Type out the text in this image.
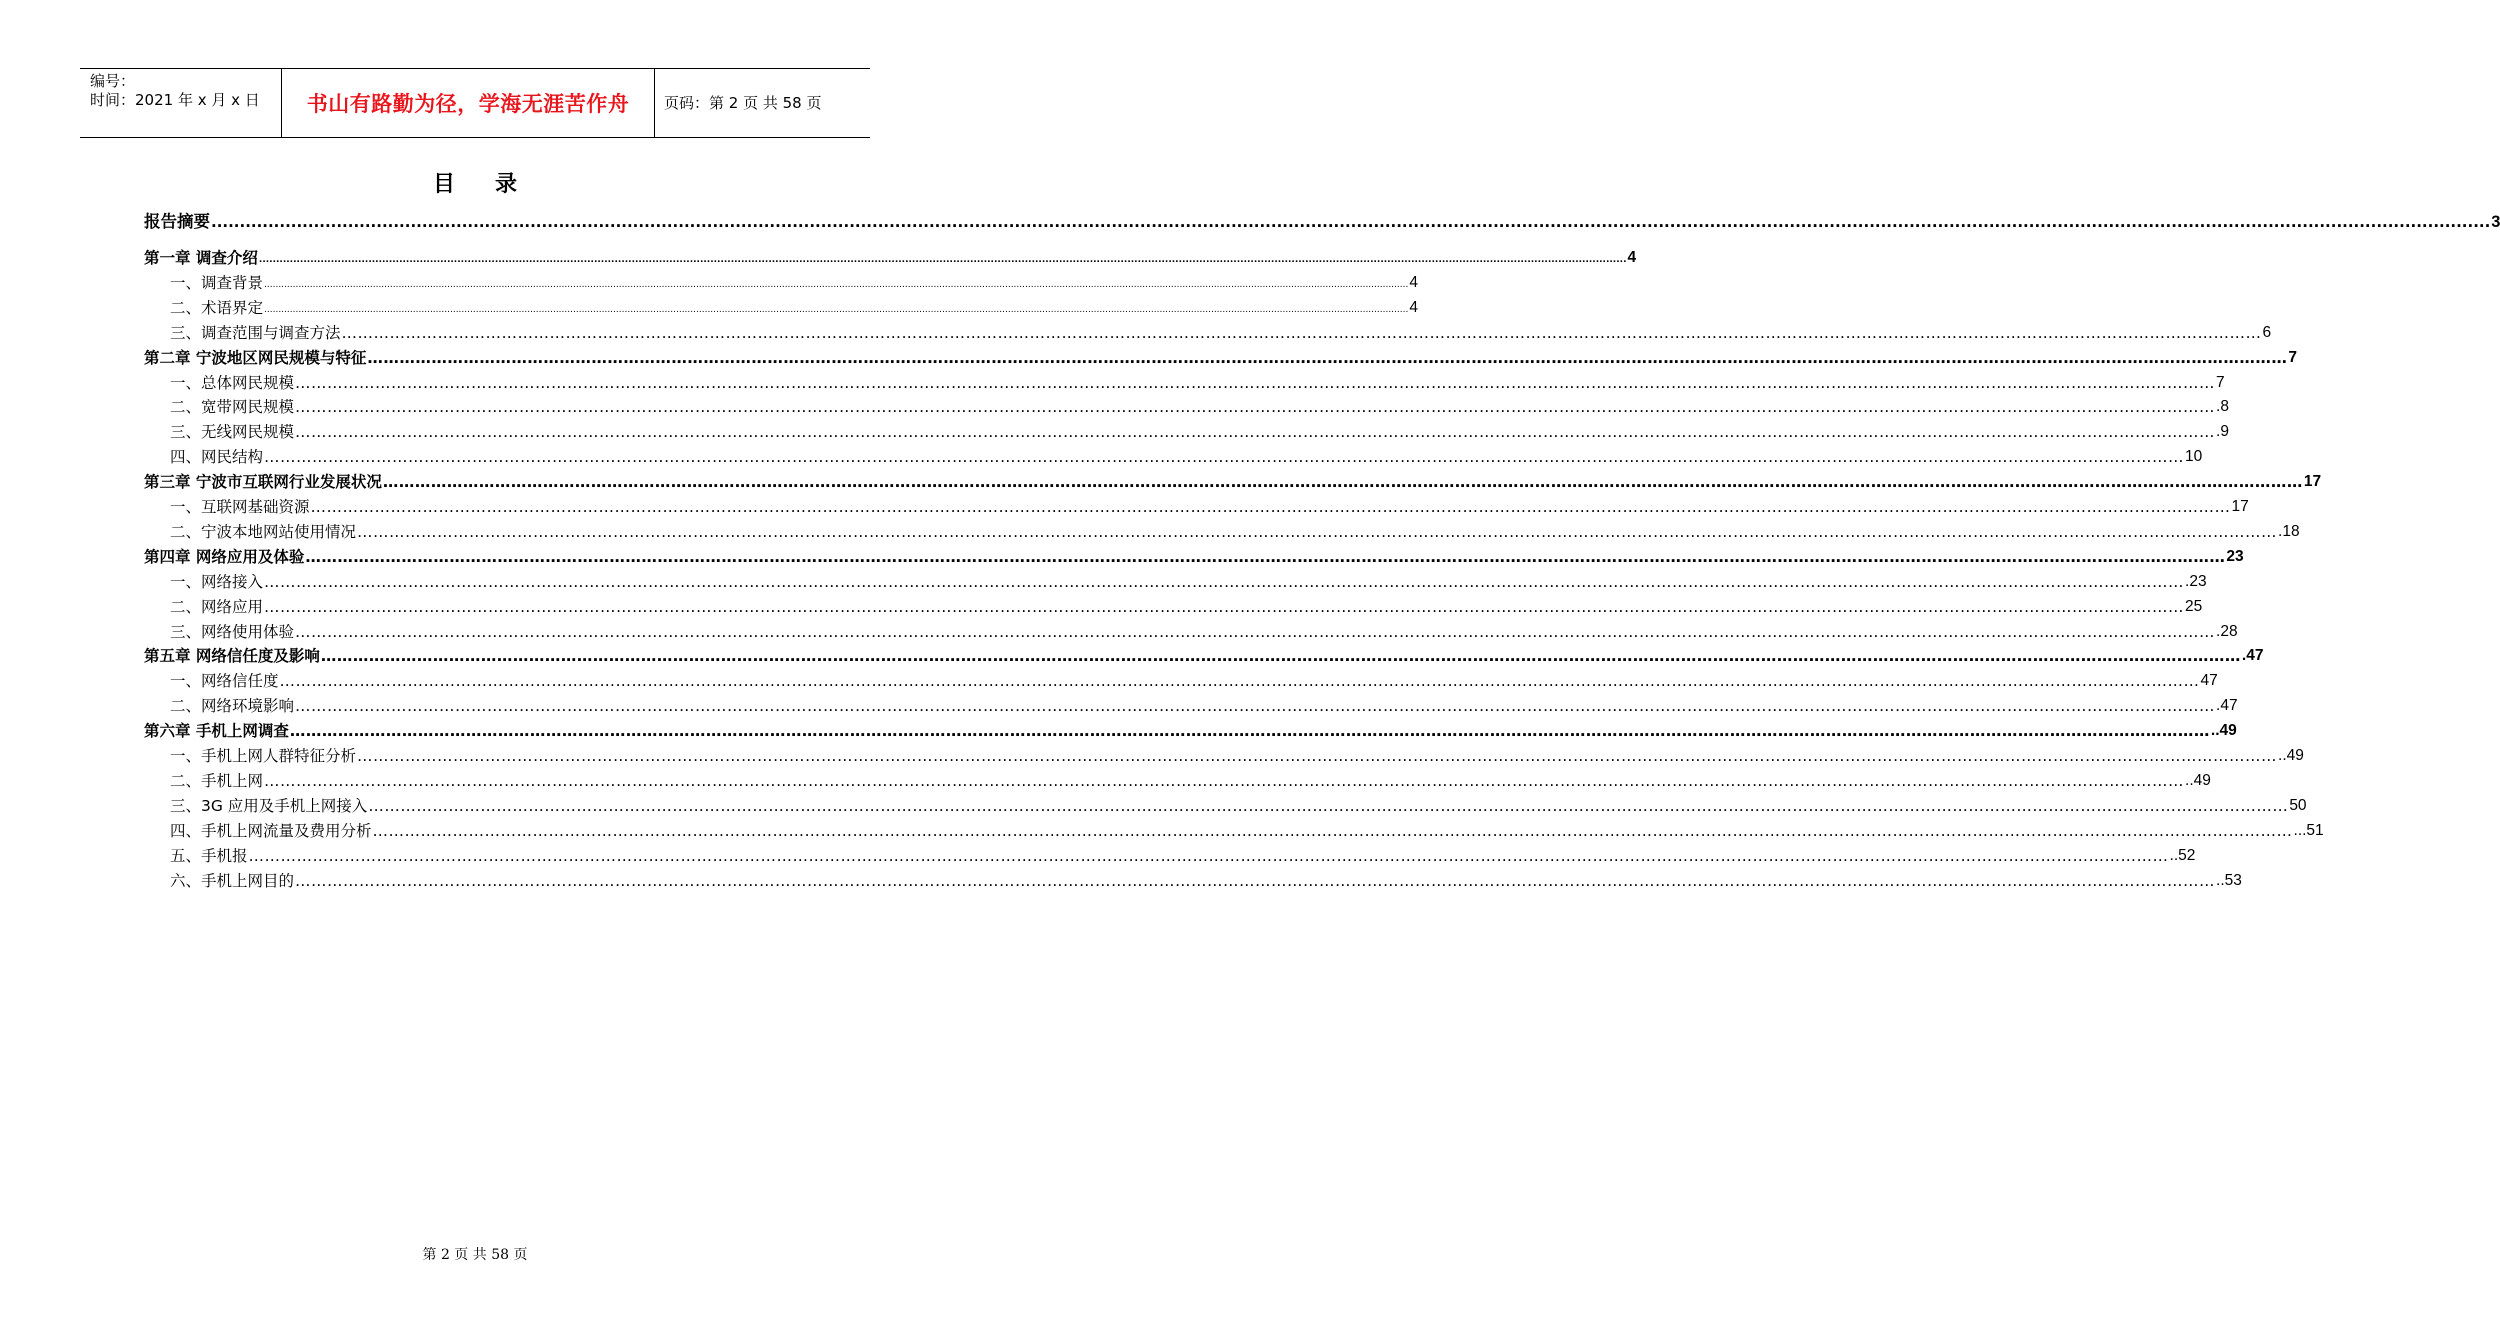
编号：
时间：2021 年 x 月 x 日	书山有路勤为径，学海无涯苦作舟	页码：第 2 页 共 58 页
目录
报告摘要 ................................................................................................................................................................................................................................................................................................................................................................................................................ 3
第一章 调查介绍 ................................................................................................................................................................................................................................................................................................................................................................................................................ 4
一、调查背景 ................................................................................................................................................................................................................................................................................................................................................................................................................ 4
二、术语界定 ................................................................................................................................................................................................................................................................................................................................................................................................................ 4
三、调查范围与调查方法 ……………………………………………………………………………………………………………………………………………………………………………………………………………………………………………………………………………………………………………………………… 6
第二章 宁波地区网民规模与特征 ……………………………………………………………………………………………………………………………………………………………………………………………………………………………………………………………………………………………………………………………… 7
一、总体网民规模 ……………………………………………………………………………………………………………………………………………………………………………………………………………………………………………………………………………………………………………………………… 7
二、宽带网民规模 ……………………………………………………………………………………………………………………………………………………………………………………………………………………………………………………………………………………………………………………………… .8
三、无线网民规模 ……………………………………………………………………………………………………………………………………………………………………………………………………………………………………………………………………………………………………………………………… .9
四、网民结构 ……………………………………………………………………………………………………………………………………………………………………………………………………………………………………………………………………………………………………………………………… 10
第三章 宁波市互联网行业发展状况 ……………………………………………………………………………………………………………………………………………………………………………………………………………………………………………………………………………………………………………………………… 17
一、互联网基础资源 ……………………………………………………………………………………………………………………………………………………………………………………………………………………………………………………………………………………………………………………………… 17
二、宁波本地网站使用情况 ……………………………………………………………………………………………………………………………………………………………………………………………………………………………………………………………………………………………………………………………… .18
第四章 网络应用及体验 ……………………………………………………………………………………………………………………………………………………………………………………………………………………………………………………………………………………………………………………………… 23
一、网络接入 ……………………………………………………………………………………………………………………………………………………………………………………………………………………………………………………………………………………………………………………………… .23
二、网络应用 ……………………………………………………………………………………………………………………………………………………………………………………………………………………………………………………………………………………………………………………………… 25
三、网络使用体验 ……………………………………………………………………………………………………………………………………………………………………………………………………………………………………………………………………………………………………………………………… .28
第五章 网络信任度及影响 ……………………………………………………………………………………………………………………………………………………………………………………………………………………………………………………………………………………………………………………………… .47
一、网络信任度 ……………………………………………………………………………………………………………………………………………………………………………………………………………………………………………………………………………………………………………………………… 47
二、网络环境影响 ……………………………………………………………………………………………………………………………………………………………………………………………………………………………………………………………………………………………………………………………… .47
第六章 手机上网调查 ……………………………………………………………………………………………………………………………………………………………………………………………………………………………………………………………………………………………………………………………… ..49
一、手机上网人群特征分析 ……………………………………………………………………………………………………………………………………………………………………………………………………………………………………………………………………………………………………………………………… ..49
二、手机上网 ……………………………………………………………………………………………………………………………………………………………………………………………………………………………………………………………………………………………………………………………… ..49
三、3G 应用及手机上网接入 ……………………………………………………………………………………………………………………………………………………………………………………………………………………………………………………………………………………………………………………………… 50
四、手机上网流量及费用分析 ……………………………………………………………………………………………………………………………………………………………………………………………………………………………………………………………………………………………………………………………… ...51
五、手机报 ……………………………………………………………………………………………………………………………………………………………………………………………………………………………………………………………………………………………………………………………… ..52
六、手机上网目的 ……………………………………………………………………………………………………………………………………………………………………………………………………………………………………………………………………………………………………………………………… ..53
第 2 页 共 58 页
